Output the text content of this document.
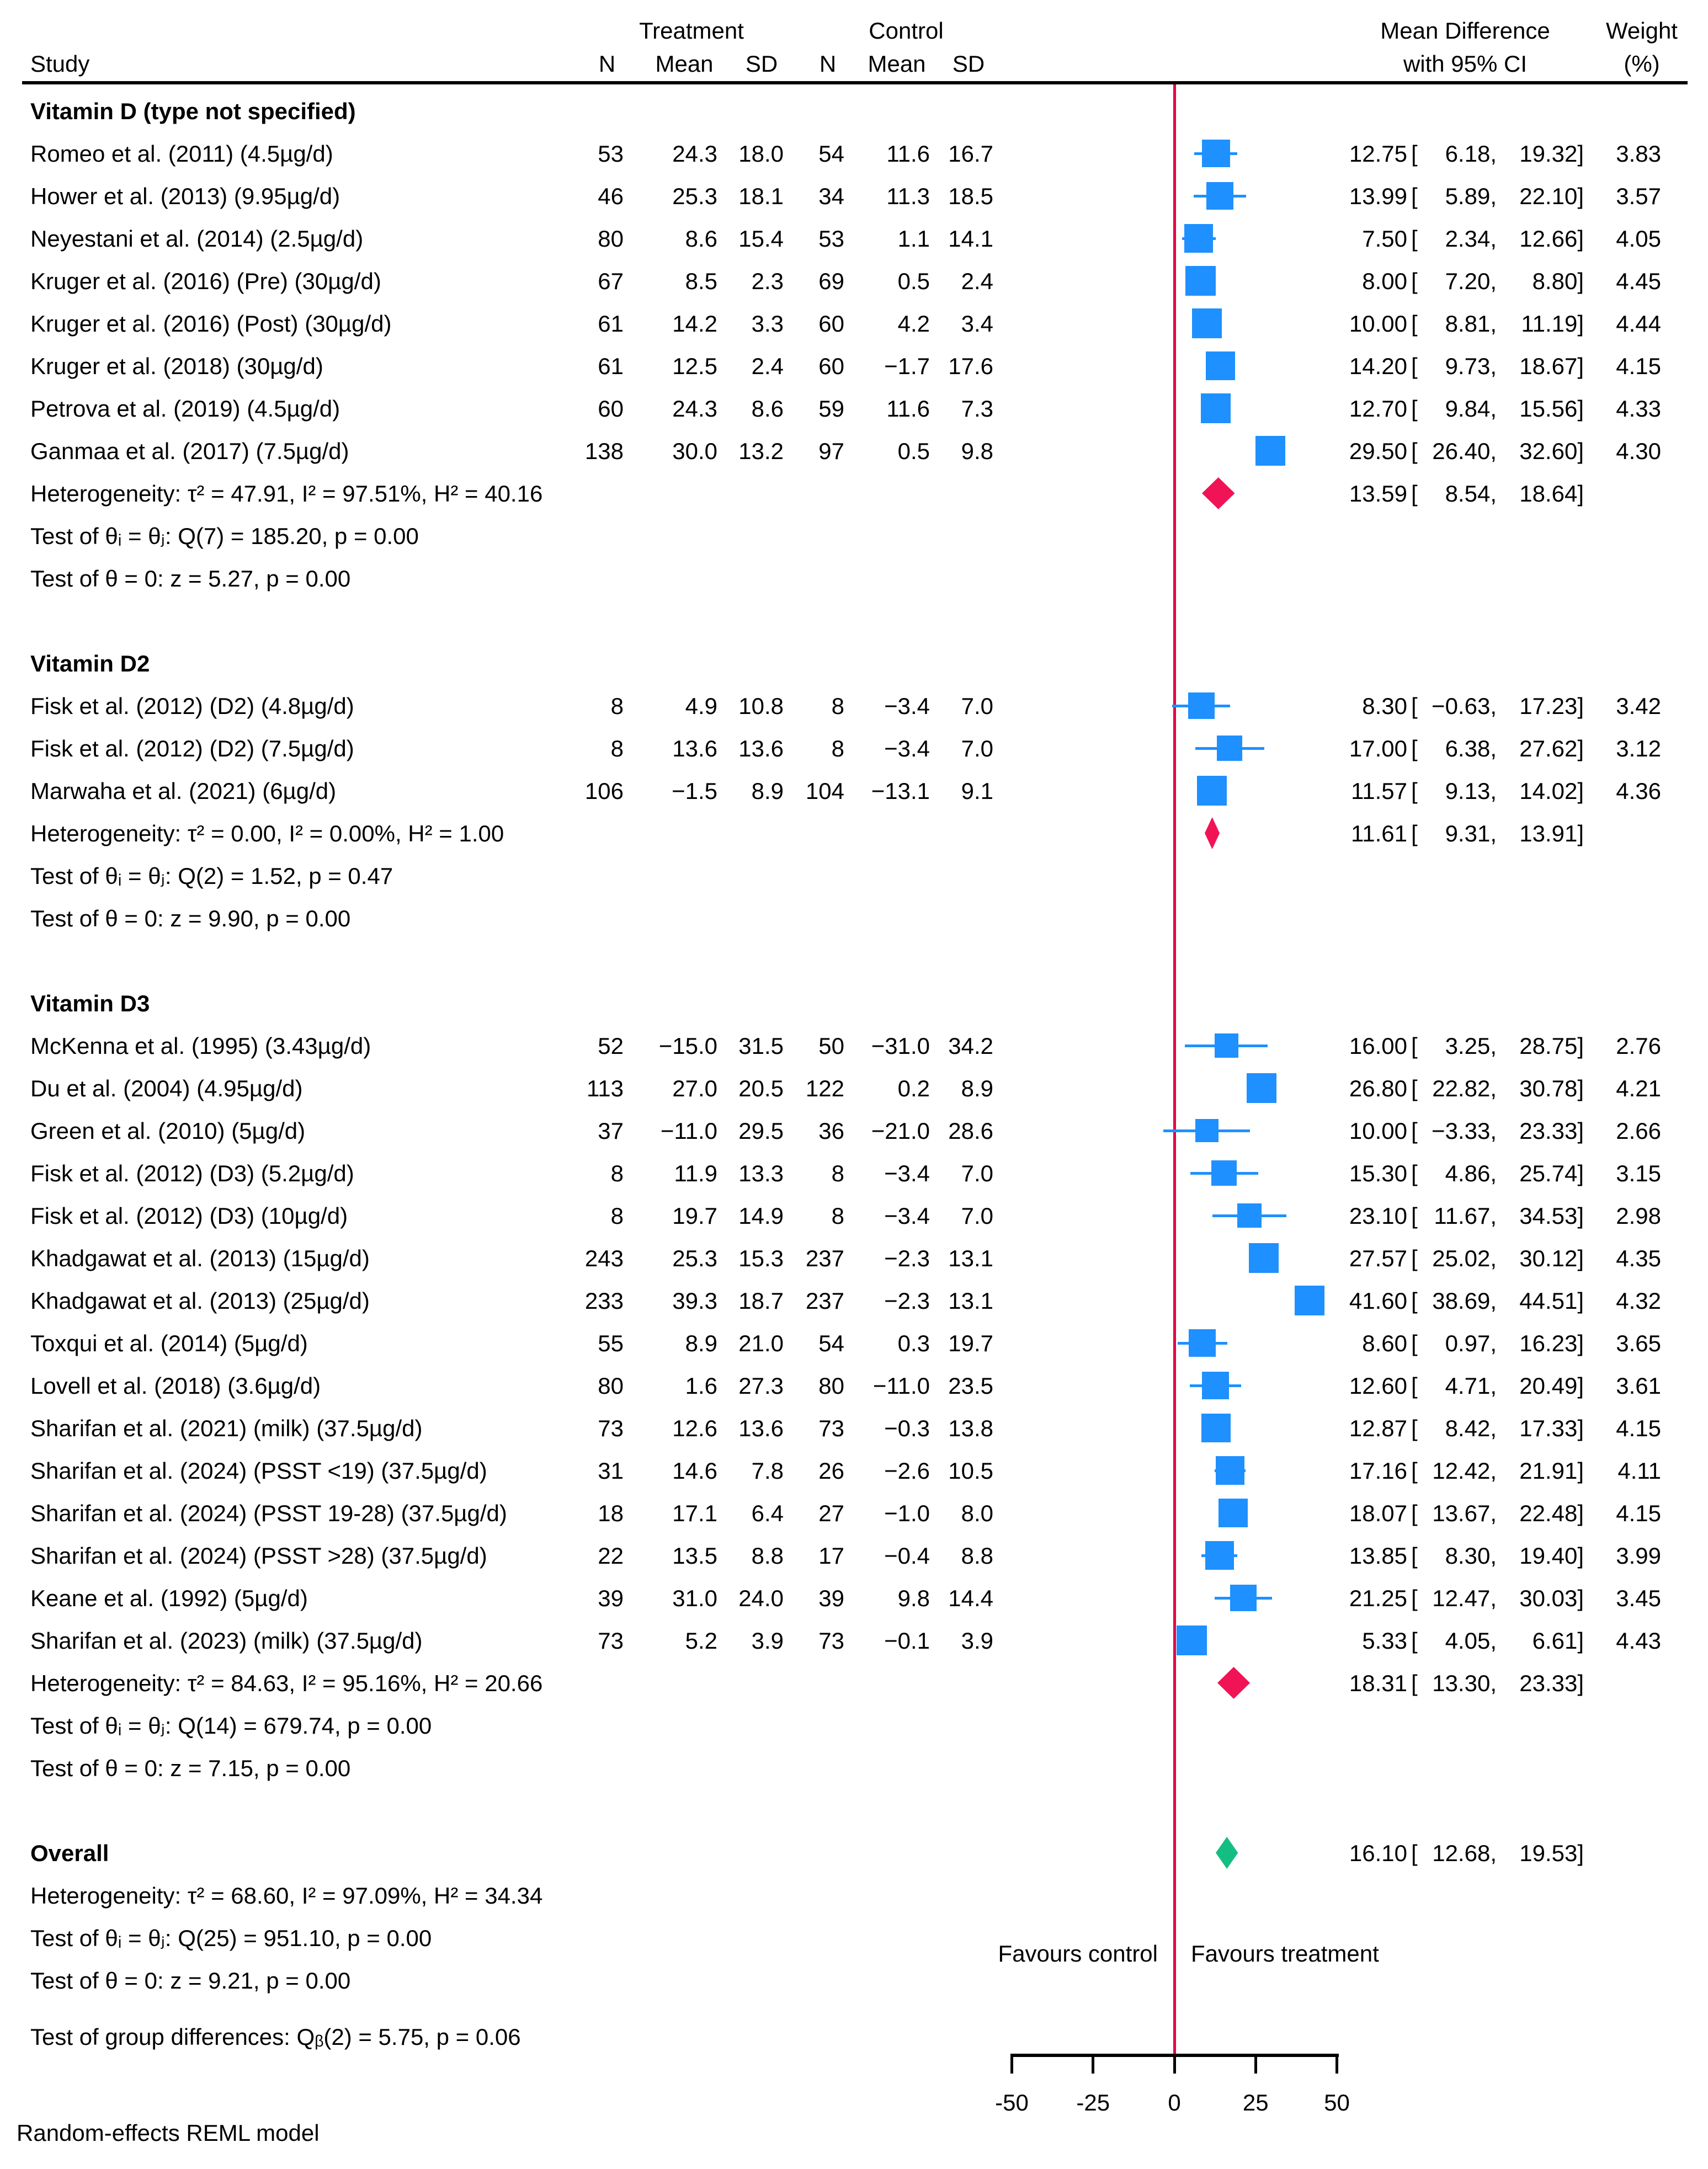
Treatment	Control	Mean Difference Weight
Study	N Mean SD N Mean SD	with 95% CI	(%)
Vitamin D (type not specified)
Romeo et al. (2011) (4.5µg/d)	53 24.3 18.0 54 11.6 16.7	12.75 [ 6.18, 19.32] 3.83
Hower et al. (2013) (9.95µg/d)	46 25.3 18.1 34 11.3 18.5	13.99 [ 5.89, 22.10] 3.57
Neyestani et al. (2014) (2.5µg/d)	80	8.6 15.4 53 1.1 14.1	7.50 [ 2.34, 12.66] 4.05
Kruger et al. (2016) (Pre) (30µg/d)	67	8.5 2.3 69 0.5 2.4	8.00 [ 7.20, 8.80] 4.45
Kruger et al. (2016) (Post) (30µg/d)	61 14.2 3.3 60 4.2 3.4	10.00 [ 8.81, 11.19] 4.44
Kruger et al. (2018) (30µg/d)	61 12.5 2.4 60 −1.7 17.6	14.20 [ 9.73, 18.67] 4.15
Petrova et al. (2019) (4.5µg/d)	60 24.3 8.6 59 11.6 7.3	12.70 [ 9.84, 15.56] 4.33
Ganmaa et al. (2017) (7.5µg/d)	138 30.0 13.2 97 0.5 9.8	29.50 [ 26.40, 32.60] 4.30
Heterogeneity: τ² = 47.91, I² = 97.51%, H² = 40.16	13.59 [ 8.54, 18.64]
Test of θᵢ = θⱼ: Q(7) = 185.20, p = 0.00
Test of θ = 0: z = 5.27, p = 0.00
Vitamin D2
Fisk et al. (2012) (D2) (4.8µg/d)	8	4.9 10.8 8 −3.4 7.0	8.30 [ −0.63, 17.23] 3.42
Fisk et al. (2012) (D2) (7.5µg/d)	8 13.6 13.6 8 −3.4 7.0	17.00 [ 6.38, 27.62] 3.12
Marwaha et al. (2021) (6µg/d)	106 −1.5 8.9 104 −13.1 9.1	11.57 [ 9.13, 14.02] 4.36
Heterogeneity: τ² = 0.00, I² = 0.00%, H² = 1.00	11.61 [ 9.31, 13.91]
Test of θᵢ = θⱼ: Q(2) = 1.52, p = 0.47
Test of θ = 0: z = 9.90, p = 0.00
Vitamin D3
McKenna et al. (1995) (3.43µg/d)	52 −15.0 31.5 50 −31.0 34.2	16.00 [ 3.25, 28.75] 2.76
Du et al. (2004) (4.95µg/d)	113 27.0 20.5 122 0.2 8.9	26.80 [ 22.82, 30.78] 4.21
Green et al. (2010) (5µg/d)	37 −11.0 29.5 36 −21.0 28.6	10.00 [ −3.33, 23.33] 2.66
Fisk et al. (2012) (D3) (5.2µg/d)	8 11.9 13.3 8 −3.4 7.0	15.30 [ 4.86, 25.74] 3.15
Fisk et al. (2012) (D3) (10µg/d)	8 19.7 14.9 8 −3.4 7.0	23.10 [ 11.67, 34.53] 2.98
Khadgawat et al. (2013) (15µg/d)	243 25.3 15.3 237 −2.3 13.1	27.57 [ 25.02, 30.12] 4.35
Khadgawat et al. (2013) (25µg/d)	233 39.3 18.7 237 −2.3 13.1	41.60 [ 38.69, 44.51] 4.32
Toxqui et al. (2014) (5µg/d)	55	8.9 21.0 54 0.3 19.7	8.60 [ 0.97, 16.23] 3.65
Lovell et al. (2018) (3.6µg/d)	80	1.6 27.3 80 −11.0 23.5	12.60 [ 4.71, 20.49] 3.61
Sharifan et al. (2021) (milk) (37.5µg/d)	73 12.6 13.6 73 −0.3 13.8	12.87 [ 8.42, 17.33] 4.15
Sharifan et al. (2024) (PSST <19) (37.5µg/d)	31 14.6 7.8 26 −2.6 10.5	17.16 [ 12.42, 21.91] 4.11
Sharifan et al. (2024) (PSST 19-28) (37.5µg/d)	18 17.1 6.4 27 −1.0 8.0	18.07 [ 13.67, 22.48] 4.15
Sharifan et al. (2024) (PSST >28) (37.5µg/d)	22 13.5 8.8 17 −0.4 8.8	13.85 [ 8.30, 19.40] 3.99
Keane et al. (1992) (5µg/d)	39 31.0 24.0 39 9.8 14.4	21.25 [ 12.47, 30.03] 3.45
Sharifan et al. (2023) (milk) (37.5µg/d)	73	5.2 3.9 73 −0.1 3.9	5.33 [ 4.05, 6.61] 4.43
Heterogeneity: τ² = 84.63, I² = 95.16%, H² = 20.66	18.31 [ 13.30, 23.33]
Test of θᵢ = θⱼ: Q(14) = 679.74, p = 0.00
Test of θ = 0: z = 7.15, p = 0.00
Overall	16.10 [ 12.68, 19.53]
Heterogeneity: τ² = 68.60, I² = 97.09%, H² = 34.34
Test of θᵢ = θⱼ: Q(25) = 951.10, p = 0.00
Test of θ = 0: z = 9.21, p = 0.00
Favours control Favours treatment
-50 -25	0	25 50
Test of group differences: Qᵦ(2) = 5.75, p = 0.06
Random-effects REML model
